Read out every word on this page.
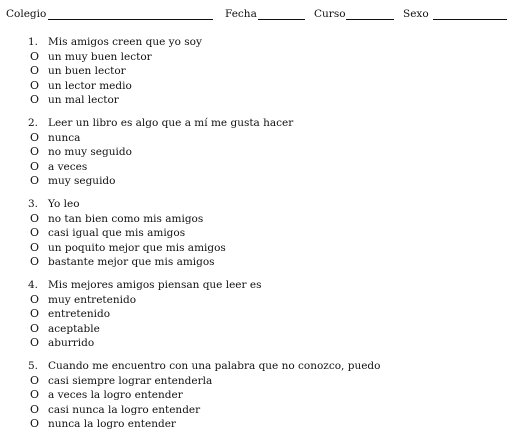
Colegio	Fecha	Curso	Sexo
1. Mis amigos creen que yo soy
O un muy buen lector
O un buen lector
O un lector medio
O un mal lector
2. Leer un libro es algo que a mí me gusta hacer
O nunca
O no muy seguido
O a veces
O muy seguido
3. Yo leo
O no tan bien como mis amigos
O casi igual que mis amigos
O un poquito mejor que mis amigos
O bastante mejor que mis amigos
4. Mis mejores amigos piensan que leer es
O muy entretenido
O entretenido
O aceptable
O aburrido
5. Cuando me encuentro con una palabra que no conozco, puedo
O casi siempre lograr entenderla
O a veces la logro entender
O casi nunca la logro entender
O nunca la logro entender
